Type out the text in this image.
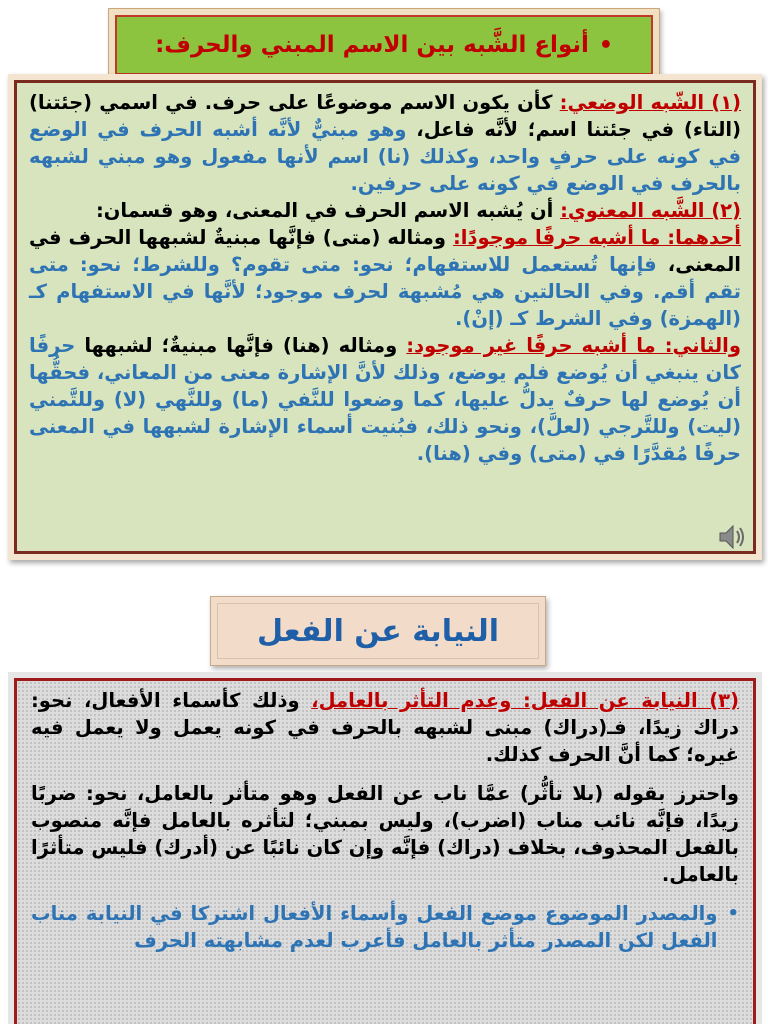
•أنواع الشَّبه بين الاسم المبني والحرف:

(١) الشّبه الوضعي: كأن يكون الاسم موضوعًا على حرف. في اسمي (جئتنا) (التاء) في جئتنا اسم؛ لأنَّه فاعل، وهو مبنيٌّ لأنَّه أشبه الحرف في الوضع في كونه على حرفٍ واحد، وكذلك (نا) اسم لأنها مفعول وهو مبني لشبهه بالحرف في الوضع في كونه على حرفين.

(٢) الشَّبه المعنوي: أن يُشبه الاسم الحرف في المعنى، وهو قسمان:

أحدهما: ما أشبه حرفًا موجودًا: ومثاله (متى) فإنَّها مبنيةٌ لشبهها الحرف في المعنى، فإنها تُستعمل للاستفهام؛ نحو: متى تقوم؟ وللشرط؛ نحو: متى تقم أقم. وفي الحالتين هي مُشبهة لحرف موجود؛ لأنَّها في الاستفهام كـ (الهمزة) وفي الشرط كـ (إنْ).

والثاني: ما أشبه حرفًا غير موجود: ومثاله (هنا) فإنَّها مبنيةٌ؛ لشبهها حرفًا كان ينبغي أن يُوضع فلم يوضع، وذلك لأنَّ الإشارة معنى من المعاني، فحقُّها أن يُوضع لها حرفٌ يدلُّ عليها، كما وضعوا للنَّفي (ما) وللنَّهي (لا) وللتَّمني (ليت) وللتَّرجي (لعلَّ)، ونحو ذلك، فبُنيت أسماء الإشارة لشبهها في المعنى حرفًا مُقدَّرًا في (متى) وفي (هنا).

النيابة عن الفعل

(٣) النيابة عن الفعل: وعدم التأثر بالعامل، وذلك كأسماء الأفعال، نحو: دراك زيدًا، فـ(دراك) مبنى لشبهه بالحرف في كونه يعمل ولا يعمل فيه غيره؛ كما أنَّ الحرف كذلك.

واحترز بقوله (بلا تأثُّر) عمَّا ناب عن الفعل وهو متأثر بالعامل، نحو: ضربًا زيدًا، فإنَّه نائب مناب (اضرب)، وليس بمبني؛ لتأثره بالعامل فإنَّه منصوب بالفعل المحذوف، بخلاف (دراك) فإنَّه وإن كان نائبًا عن (أدرك) فليس متأثرًا بالعامل.

•
والمصدر الموضوع موضع الفعل وأسماء الأفعال اشتركا في النيابة مناب الفعل لكن المصدر متأثر بالعامل فأعرب لعدم مشابهته الحرف
